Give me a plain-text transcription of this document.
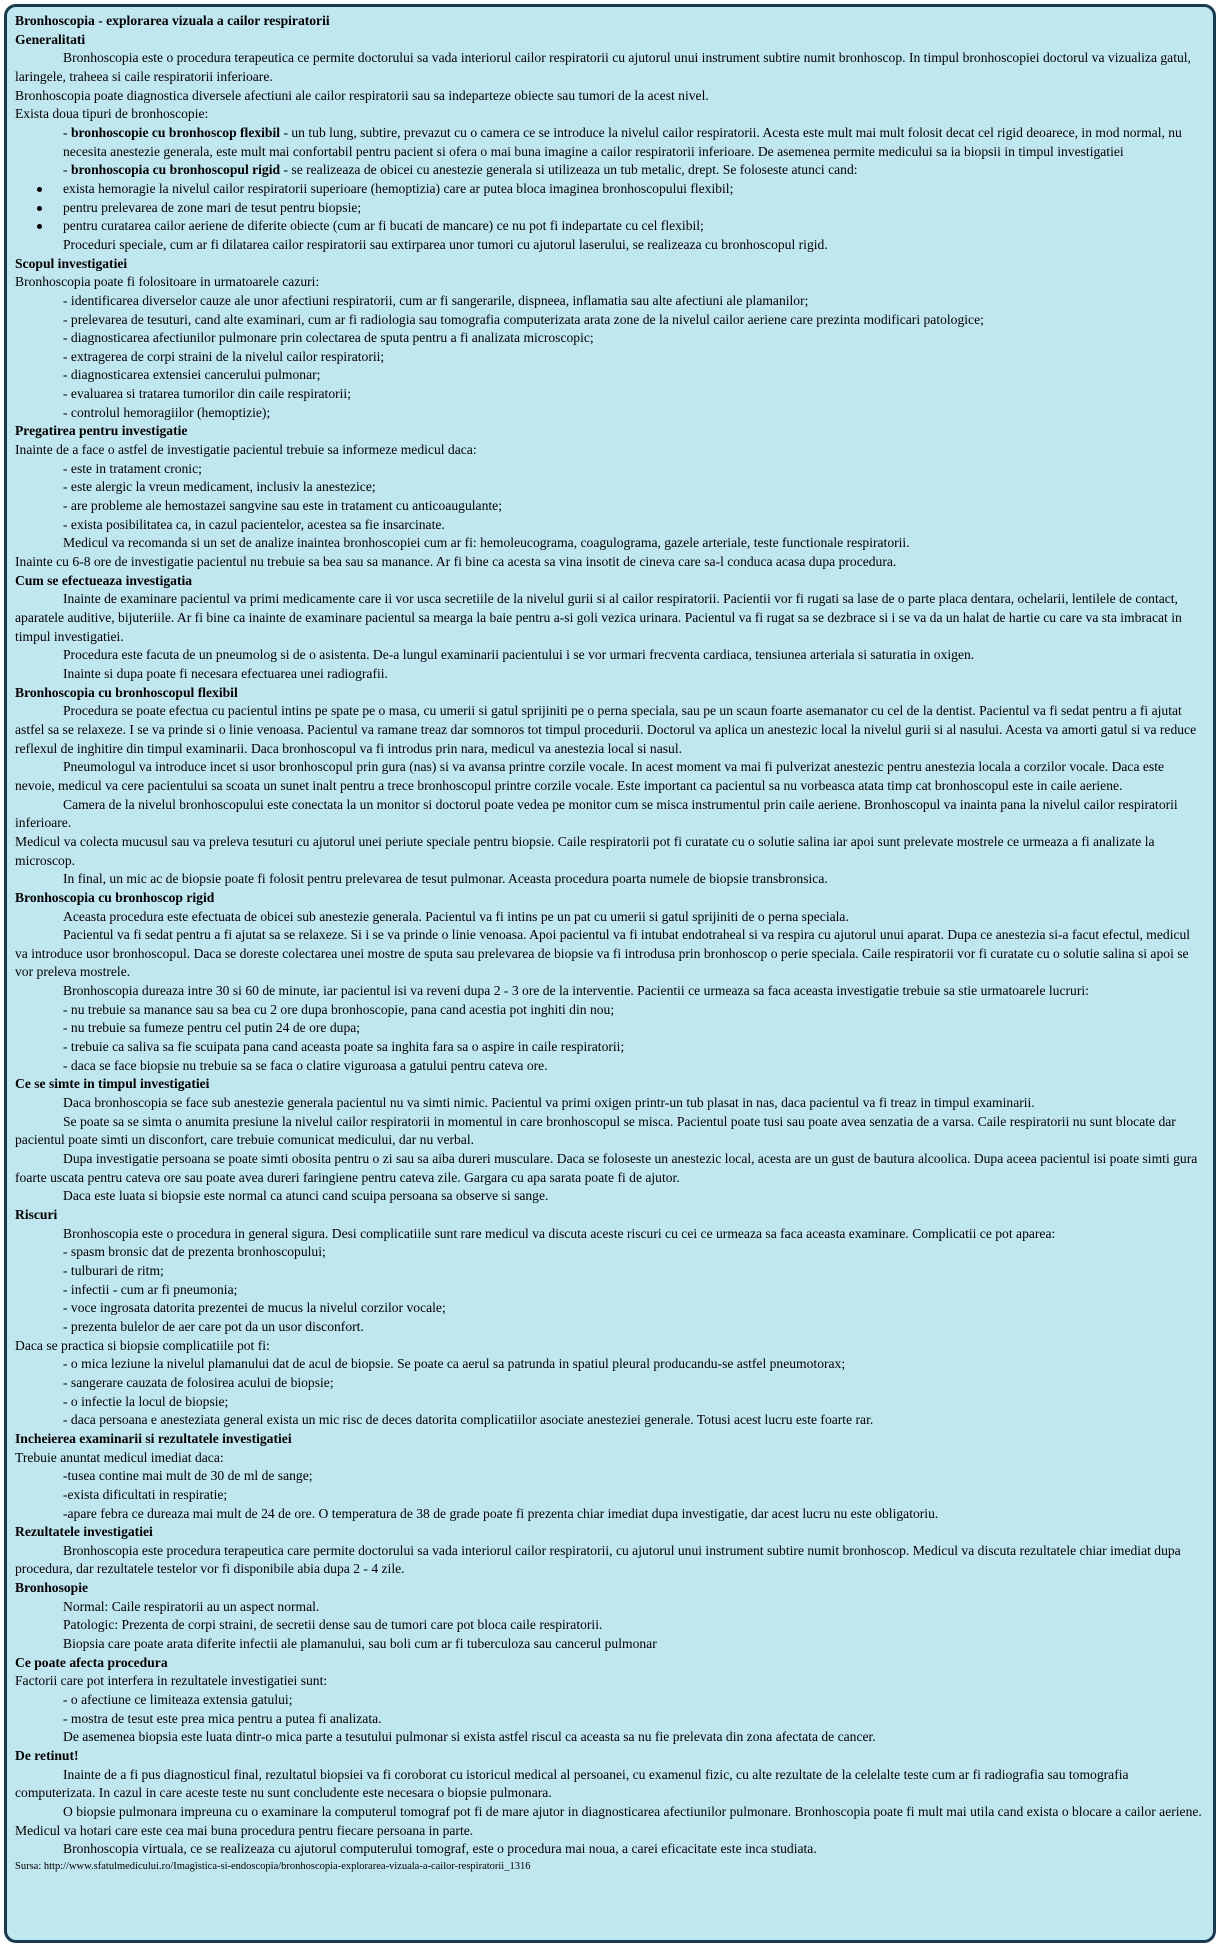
Bronhoscopia - explorarea vizuala a cailor respiratorii
Generalitati
Bronhoscopia este o procedura terapeutica ce permite doctorului sa vada interiorul cailor respiratorii cu ajutorul unui instrument subtire numit bronhoscop. In timpul bronhoscopiei doctorul va vizualiza gatul, laringele, traheea si caile respiratorii inferioare.
Bronhoscopia poate diagnostica diversele afectiuni ale cailor respiratorii sau sa indeparteze obiecte sau tumori de la acest nivel.
Exista doua tipuri de bronhoscopie:
- bronhoscopie cu bronhoscop flexibil - un tub lung, subtire, prevazut cu o camera ce se introduce la nivelul cailor respiratorii. Acesta este mult mai mult folosit decat cel rigid deoarece, in mod normal, nu necesita anestezie generala, este mult mai confortabil pentru pacient si ofera o mai buna imagine a cailor respiratorii inferioare. De asemenea permite medicului sa ia biopsii in timpul investigatiei
- bronhoscopia cu bronhoscopul rigid - se realizeaza de obicei cu anestezie generala si utilizeaza un tub metalic, drept. Se foloseste atunci cand:
exista hemoragie la nivelul cailor respiratorii superioare (hemoptizia) care ar putea bloca imaginea bronhoscopului flexibil;
pentru prelevarea de zone mari de tesut pentru biopsie;
pentru curatarea cailor aeriene de diferite obiecte (cum ar fi bucati de mancare) ce nu pot fi indepartate cu cel flexibil;
Proceduri speciale, cum ar fi dilatarea cailor respiratorii sau extirparea unor tumori cu ajutorul laserului, se realizeaza cu bronhoscopul rigid.
Scopul investigatiei
Bronhoscopia poate fi folositoare in urmatoarele cazuri:
- identificarea diverselor cauze ale unor afectiuni respiratorii, cum ar fi sangerarile, dispneea, inflamatia sau alte afectiuni ale plamanilor;
- prelevarea de tesuturi, cand alte examinari, cum ar fi radiologia sau tomografia computerizata arata zone de la nivelul cailor aeriene care prezinta modificari patologice;
- diagnosticarea afectiunilor pulmonare prin colectarea de sputa pentru a fi analizata microscopic;
- extragerea de corpi straini de la nivelul cailor respiratorii;
- diagnosticarea extensiei cancerului pulmonar;
- evaluarea si tratarea tumorilor din caile respiratorii;
- controlul hemoragiilor (hemoptizie);
Pregatirea pentru investigatie
Inainte de a face o astfel de investigatie pacientul trebuie sa informeze medicul daca:
- este in tratament cronic;
- este alergic la vreun medicament, inclusiv la anestezice;
- are probleme ale hemostazei sangvine sau este in tratament cu anticoaugulante;
- exista posibilitatea ca, in cazul pacientelor, acestea sa fie insarcinate.
Medicul va recomanda si un set de analize inaintea bronhoscopiei cum ar fi: hemoleucograma, coagulograma, gazele arteriale, teste functionale respiratorii.
Inainte cu 6-8 ore de investigatie pacientul nu trebuie sa bea sau sa manance. Ar fi bine ca acesta sa vina insotit de cineva care sa-l conduca acasa dupa procedura.
Cum se efectueaza investigatia
Inainte de examinare pacientul va primi medicamente care ii vor usca secretiile de la nivelul gurii si al cailor respiratorii. Pacientii vor fi rugati sa lase de o parte placa dentara, ochelarii, lentilele de contact, aparatele auditive, bijuteriile. Ar fi bine ca inainte de examinare pacientul sa mearga la baie pentru a-si goli vezica urinara. Pacientul va fi rugat sa se dezbrace si i se va da un halat de hartie cu care va sta imbracat in timpul investigatiei.
Procedura este facuta de un pneumolog si de o asistenta. De-a lungul examinarii pacientului i se vor urmari frecventa cardiaca, tensiunea arteriala si saturatia in oxigen.
Inainte si dupa poate fi necesara efectuarea unei radiografii.
Bronhoscopia cu bronhoscopul flexibil
Procedura se poate efectua cu pacientul intins pe spate pe o masa, cu umerii si gatul sprijiniti pe o perna speciala, sau pe un scaun foarte asemanator cu cel de la dentist. Pacientul va fi sedat pentru a fi ajutat astfel sa se relaxeze. I se va prinde si o linie venoasa. Pacientul va ramane treaz dar somnoros tot timpul procedurii. Doctorul va aplica un anestezic local la nivelul gurii si al nasului. Acesta va amorti gatul si va reduce reflexul de inghitire din timpul examinarii. Daca bronhoscopul va fi introdus prin nara, medicul va anestezia local si nasul.
Pneumologul va introduce incet si usor bronhoscopul prin gura (nas) si va avansa printre corzile vocale. In acest moment va mai fi pulverizat anestezic pentru anestezia locala a corzilor vocale. Daca este nevoie, medicul va cere pacientului sa scoata un sunet inalt pentru a trece bronhoscopul printre corzile vocale. Este important ca pacientul sa nu vorbeasca atata timp cat bronhoscopul este in caile aeriene.
Camera de la nivelul bronhoscopului este conectata la un monitor si doctorul poate vedea pe monitor cum se misca instrumentul prin caile aeriene. Bronhoscopul va inainta pana la nivelul cailor respiratorii inferioare.
Medicul va colecta mucusul sau va preleva tesuturi cu ajutorul unei periute speciale pentru biopsie. Caile respiratorii pot fi curatate cu o solutie salina iar apoi sunt prelevate mostrele ce urmeaza a fi analizate la microscop.
In final, un mic ac de biopsie poate fi folosit pentru prelevarea de tesut pulmonar. Aceasta procedura poarta numele de biopsie transbronsica.
Bronhoscopia cu bronhoscop rigid
Aceasta procedura este efectuata de obicei sub anestezie generala. Pacientul va fi intins pe un pat cu umerii si gatul sprijiniti de o perna speciala.
Pacientul va fi sedat pentru a fi ajutat sa se relaxeze. Si i se va prinde o linie venoasa. Apoi pacientul va fi intubat endotraheal si va respira cu ajutorul unui aparat. Dupa ce anestezia si-a facut efectul, medicul va introduce usor bronhoscopul. Daca se doreste colectarea unei mostre de sputa sau prelevarea de biopsie va fi introdusa prin bronhoscop o perie speciala. Caile respiratorii vor fi curatate cu o solutie salina si apoi se vor preleva mostrele.
Bronhoscopia dureaza intre 30 si 60 de minute, iar pacientul isi va reveni dupa 2 - 3 ore de la interventie. Pacientii ce urmeaza sa faca aceasta investigatie trebuie sa stie urmatoarele lucruri:
- nu trebuie sa manance sau sa bea cu 2 ore dupa bronhoscopie, pana cand acestia pot inghiti din nou;
- nu trebuie sa fumeze pentru cel putin 24 de ore dupa;
- trebuie ca saliva sa fie scuipata pana cand aceasta poate sa inghita fara sa o aspire in caile respiratorii;
- daca se face biopsie nu trebuie sa se faca o clatire viguroasa a gatului pentru cateva ore.
Ce se simte in timpul investigatiei
Daca bronhoscopia se face sub anestezie generala pacientul nu va simti nimic. Pacientul va primi oxigen printr-un tub plasat in nas, daca pacientul va fi treaz in timpul examinarii.
Se poate sa se simta o anumita presiune la nivelul cailor respiratorii in momentul in care bronhoscopul se misca. Pacientul poate tusi sau poate avea senzatia de a varsa. Caile respiratorii nu sunt blocate dar pacientul poate simti un disconfort, care trebuie comunicat medicului, dar nu verbal.
Dupa investigatie persoana se poate simti obosita pentru o zi sau sa aiba dureri musculare. Daca se foloseste un anestezic local, acesta are un gust de bautura alcoolica. Dupa aceea pacientul isi poate simti gura foarte uscata pentru cateva ore sau poate avea dureri faringiene pentru cateva zile. Gargara cu apa sarata poate fi de ajutor.
Daca este luata si biopsie este normal ca atunci cand scuipa persoana sa observe si sange.
Riscuri
Bronhoscopia este o procedura in general sigura. Desi complicatiile sunt rare medicul va discuta aceste riscuri cu cei ce urmeaza sa faca aceasta examinare. Complicatii ce pot aparea:
- spasm bronsic dat de prezenta bronhoscopului;
- tulburari de ritm;
- infectii - cum ar fi pneumonia;
- voce ingrosata datorita prezentei de mucus la nivelul corzilor vocale;
- prezenta bulelor de aer care pot da un usor disconfort.
Daca se practica si biopsie complicatiile pot fi:
- o mica leziune la nivelul plamanului dat de acul de biopsie. Se poate ca aerul sa patrunda in spatiul pleural producandu-se astfel pneumotorax;
- sangerare cauzata de folosirea acului de biopsie;
- o infectie la locul de biopsie;
- daca persoana e anesteziata general exista un mic risc de deces datorita complicatiilor asociate anesteziei generale. Totusi acest lucru este foarte rar.
Incheierea examinarii si rezultatele investigatiei
Trebuie anuntat medicul imediat daca:
-tusea contine mai mult de 30 de ml de sange;
-exista dificultati in respiratie;
-apare febra ce dureaza mai mult de 24 de ore. O temperatura de 38 de grade poate fi prezenta chiar imediat dupa investigatie, dar acest lucru nu este obligatoriu.
Rezultatele investigatiei
Bronhoscopia este procedura terapeutica care permite doctorului sa vada interiorul cailor respiratorii, cu ajutorul unui instrument subtire numit bronhoscop. Medicul va discuta rezultatele chiar imediat dupa procedura, dar rezultatele testelor vor fi disponibile abia dupa 2 - 4 zile.
Bronhosopie
Normal: Caile respiratorii au un aspect normal.
Patologic: Prezenta de corpi straini, de secretii dense sau de tumori care pot bloca caile respiratorii.
Biopsia care poate arata diferite infectii ale plamanului, sau boli cum ar fi tuberculoza sau cancerul pulmonar
Ce poate afecta procedura
Factorii care pot interfera in rezultatele investigatiei sunt:
- o afectiune ce limiteaza extensia gatului;
- mostra de tesut este prea mica pentru a putea fi analizata.
De asemenea biopsia este luata dintr-o mica parte a tesutului pulmonar si exista astfel riscul ca aceasta sa nu fie prelevata din zona afectata de cancer.
De retinut!
Inainte de a fi pus diagnosticul final, rezultatul biopsiei va fi coroborat cu istoricul medical al persoanei, cu examenul fizic, cu alte rezultate de la celelalte teste cum ar fi radiografia sau tomografia computerizata. In cazul in care aceste teste nu sunt concludente este necesara o biopsie pulmonara.
O biopsie pulmonara impreuna cu o examinare la computerul tomograf pot fi de mare ajutor in diagnosticarea afectiunilor pulmonare. Bronhoscopia poate fi mult mai utila cand exista o blocare a cailor aeriene. Medicul va hotari care este cea mai buna procedura pentru fiecare persoana in parte.
Bronhoscopia virtuala, ce se realizeaza cu ajutorul computerului tomograf, este o procedura mai noua, a carei eficacitate este inca studiata.
Sursa: http://www.sfatulmedicului.ro/Imagistica-si-endoscopia/bronhoscopia-explorarea-vizuala-a-cailor-respiratorii_1316
